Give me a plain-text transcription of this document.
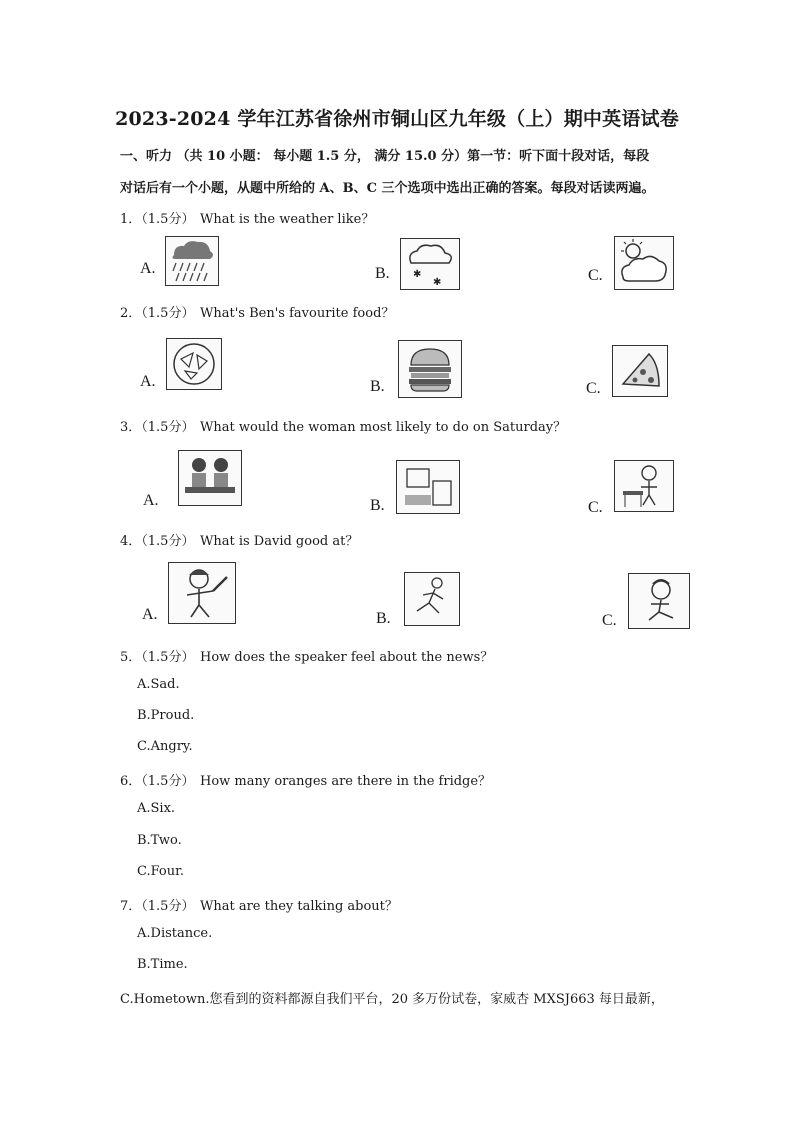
2023-2024 学年江苏省徐州市铜山区九年级（上）期中英语试卷
一、听力 （共 10 小题： 每小题 1.5 分， 满分 15.0 分）第一节：听下面十段对话，每段
对话后有一个小题，从题中所给的 A、B、C 三个选项中选出正确的答案。每段对话读两遍。
1．（1.5分） What is the weather like？
A.	B. ✱
✱	C.
2．（1.5分） What's Ben's favourite food？
A.	B.	C.
3．（1.5分） What would the woman most likely to do on Saturday？
A.	B.	C.
4．（1.5分） What is David good at？
A.	B.	C.
5．（1.5分） How does the speaker feel about the news？
A.Sad.
B.Proud.
C.Angry.
6．（1.5分） How many oranges are there in the fridge？
A.Six.
B.Two.
C.Four.
7．（1.5分） What are they talking about？
A.Distance.
B.Time.
C.Hometown.您看到的资料都源自我们平台，20 多万份试卷，家威杏 MXSJ663 每日最新，
